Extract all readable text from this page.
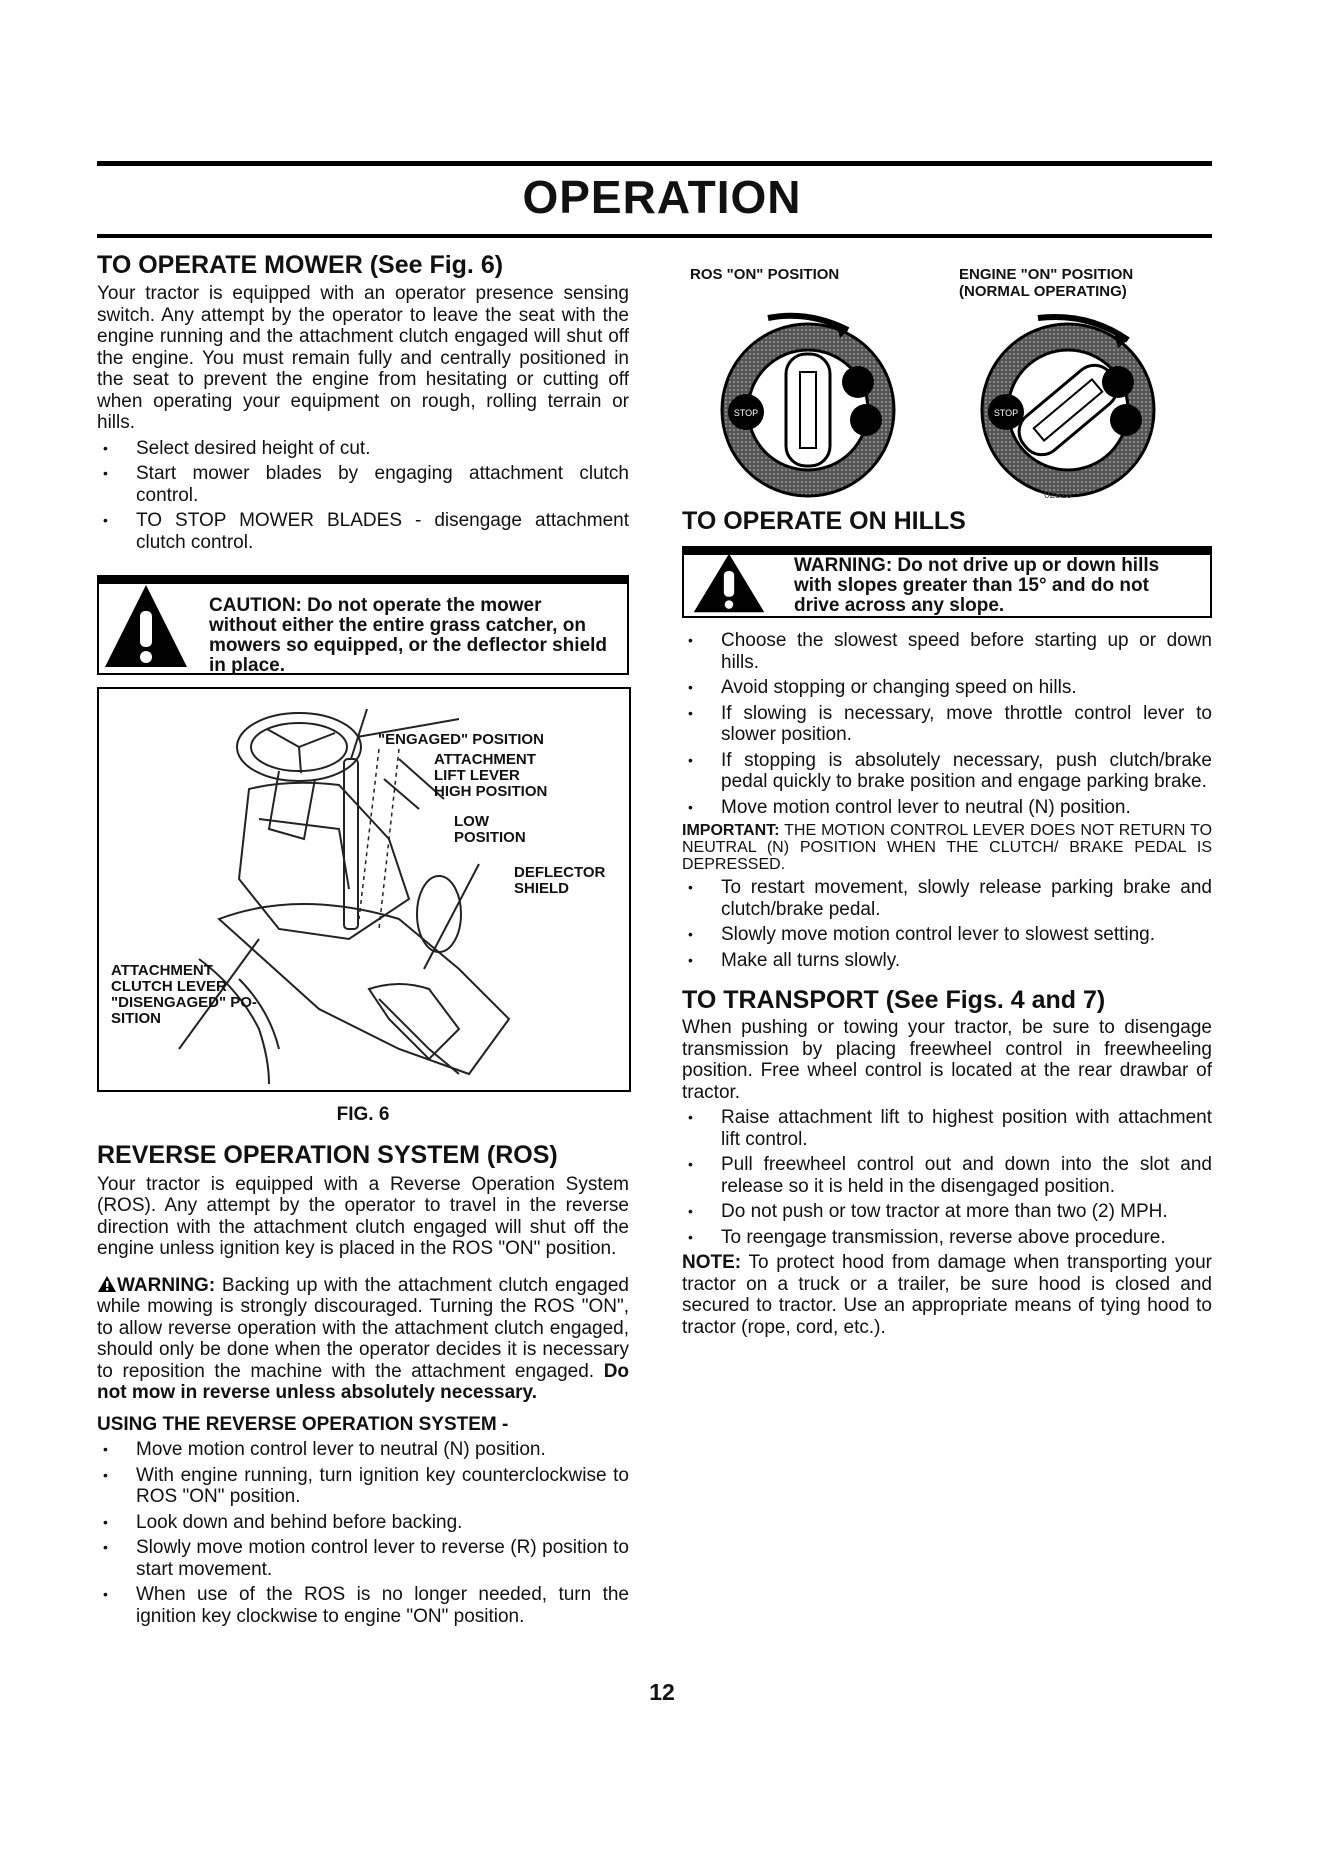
OPERATION
TO OPERATE MOWER (See Fig. 6)

Your tractor is equipped with an operator presence sensing switch. Any attempt by the operator to leave the seat with the engine running and the attachment clutch engaged will shut off the engine. You must remain fully and centrally positioned in the seat to prevent the engine from hesitating or cutting off when operating your equipment on rough, rolling terrain or hills.

• Select desired height of cut.
• Start mower blades by engaging attachment clutch control.
• TO STOP MOWER BLADES - disengage attachment clutch control.
CAUTION: Do not operate the mower without either the entire grass catcher, on mowers so equipped, or the deflector shield in place.
"ENGAGED" POSITION
ATTACHMENT
LIFT LEVER
HIGH POSITION
LOW
POSITION
DEFLECTOR
SHIELD
ATTACHMENT
CLUTCH LEVER
"DISENGAGED" PO-
SITION
FIG. 6
REVERSE OPERATION SYSTEM (ROS)

Your tractor is equipped with a Reverse Operation System (ROS). Any attempt by the operator to travel in the reverse direction with the attachment clutch engaged will shut off the engine unless ignition key is placed in the ROS "ON" position.

WARNING: Backing up with the attachment clutch engaged while mowing is strongly discouraged. Turning the ROS "ON", to allow reverse operation with the attachment clutch engaged, should only be done when the operator decides it is necessary to reposition the machine with the attachment engaged. Do not mow in reverse unless absolutely necessary.

USING THE REVERSE OPERATION SYSTEM -
• Move motion control lever to neutral (N) position.
• With engine running, turn ignition key counterclockwise to ROS "ON" position.
• Look down and behind before backing.
• Slowly move motion control lever to reverse (R) position to start movement.
• When use of the ROS is no longer needed, turn the ignition key clockwise to engine "ON" position.
ROS "ON" POSITION	ENGINE "ON" POSITION
(NORMAL OPERATING)
STOP	STOP
02828
TO OPERATE ON HILLS
WARNING: Do not drive up or down hills with slopes greater than 15° and do not drive across any slope.
• Choose the slowest speed before starting up or down hills.
• Avoid stopping or changing speed on hills.
• If slowing is necessary, move throttle control lever to slower position.
• If stopping is absolutely necessary, push clutch/brake pedal quickly to brake position and engage parking brake.
• Move motion control lever to neutral (N) position.

IMPORTANT: THE MOTION CONTROL LEVER DOES NOT RETURN TO NEUTRAL (N) POSITION WHEN THE CLUTCH/ BRAKE PEDAL IS DEPRESSED.

• To restart movement, slowly release parking brake and clutch/brake pedal.
• Slowly move motion control lever to slowest setting.
• Make all turns slowly.
TO TRANSPORT (See Figs. 4 and 7)

When pushing or towing your tractor, be sure to disengage transmission by placing freewheel control in freewheeling position. Free wheel control is located at the rear drawbar of tractor.

• Raise attachment lift to highest position with attachment lift control.
• Pull freewheel control out and down into the slot and release so it is held in the disengaged position.
• Do not push or tow tractor at more than two (2) MPH.
• To reengage transmission, reverse above procedure.

NOTE: To protect hood from damage when transporting your tractor on a truck or a trailer, be sure hood is closed and secured to tractor. Use an appropriate means of tying hood to tractor (rope, cord, etc.).

12
